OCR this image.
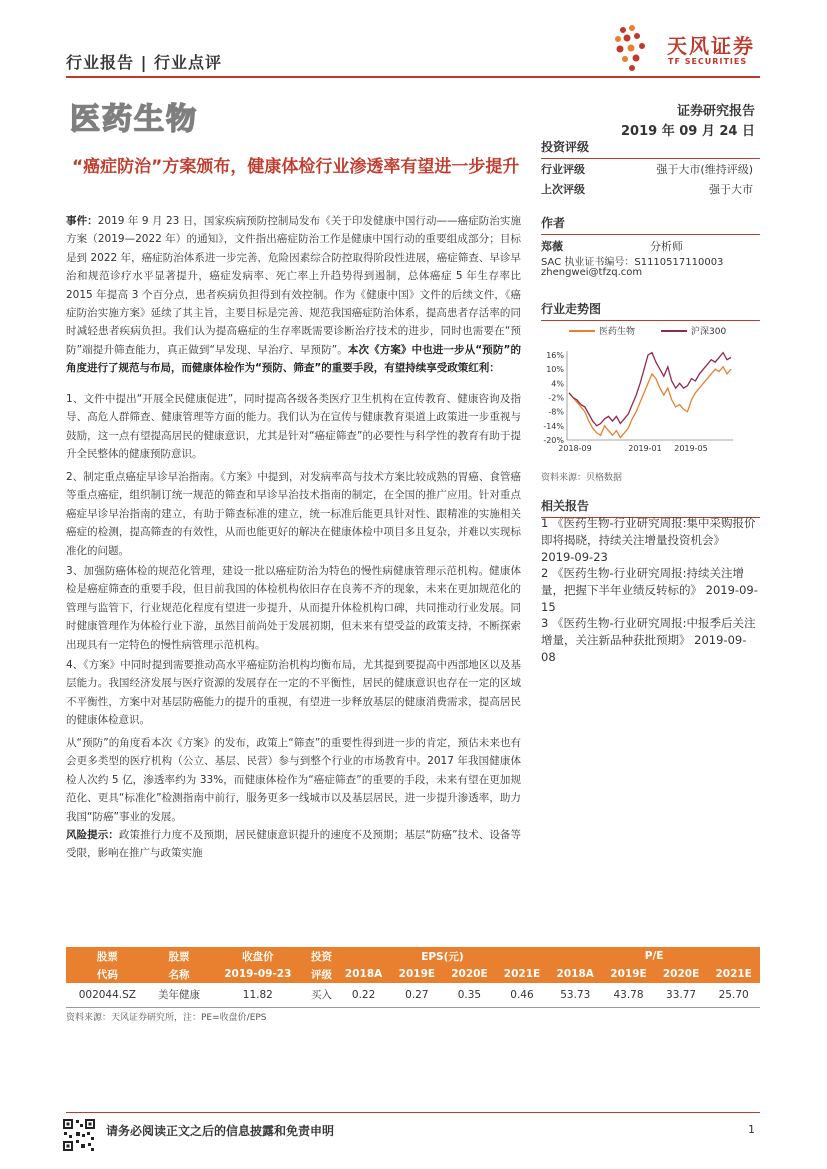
行业报告 | 行业点评
医药生物
天风证券
TF SECURITIES
证券研究报告
2019 年 09 月 24 日
“癌症防治”方案颁布，健康体检行业渗透率有望进一步提升
事件：2019 年 9 月 23 日，国家疾病预防控制局发布《关于印发健康中国行动——癌症防治实施方案（2019—2022 年）的通知》，文件指出癌症防治工作是健康中国行动的重要组成部分；目标是到 2022 年，癌症防治体系进一步完善，危险因素综合防控取得阶段性进展，癌症筛查、早诊早治和规范诊疗水平显著提升，癌症发病率、死亡率上升趋势得到遏制，总体癌症 5 年生存率比 2015 年提高 3 个百分点，患者疾病负担得到有效控制。作为《健康中国》文件的后续文件，《癌症防治实施方案》延续了其主旨，主要目标是完善、规范我国癌症防治体系，提高患者存活率的同时减轻患者疾病负担。我们认为提高癌症的生存率既需要诊断治疗技术的进步，同时也需要在“预防”端提升筛查能力，真正做到“早发现、早治疗、早预防”。本次《方案》中也进一步从“预防”的角度进行了规范与布局，而健康体检作为“预防、筛查”的重要手段，有望持续享受政策红利：
1、文件中提出“开展全民健康促进”，同时提高各级各类医疗卫生机构在宣传教育、健康咨询及指导、高危人群筛查、健康管理等方面的能力。我们认为在宣传与健康教育渠道上政策进一步重视与鼓励，这一点有望提高居民的健康意识，尤其是针对“癌症筛查”的必要性与科学性的教育有助于提升全民整体的健康预防意识。
2、制定重点癌症早诊早治指南。《方案》中提到，对发病率高与技术方案比较成熟的胃癌、食管癌等重点癌症，组织制订统一规范的筛查和早诊早治技术指南的制定，在全国的推广应用。针对重点癌症早诊早治指南的建立，有助于筛查标准的建立，统一标准后能更具针对性、跟精准的实施相关癌症的检测，提高筛查的有效性，从而也能更好的解决在健康体检中项目多且复杂，并难以实现标准化的问题。
3、加强防癌体检的规范化管理，建设一批以癌症防治为特色的慢性病健康管理示范机构。健康体检是癌症筛查的重要手段，但目前我国的体检机构依旧存在良莠不齐的现象，未来在更加规范化的管理与监管下，行业规范化程度有望进一步提升，从而提升体检机构口碑，共同推动行业发展。同时健康管理作为体检行业下游，虽然目前尚处于发展初期，但未来有望受益的政策支持，不断探索出现具有一定特色的慢性病管理示范机构。
4、《方案》中同时提到需要推动高水平癌症防治机构均衡布局，尤其提到要提高中西部地区以及基层能力。我国经济发展与医疗资源的发展存在一定的不平衡性，居民的健康意识也存在一定的区域不平衡性，方案中对基层防癌能力的提升的重视，有望进一步释放基层的健康消费需求，提高居民的健康体检意识。
从“预防”的角度看本次《方案》的发布，政策上“筛查”的重要性得到进一步的肯定，预估未来也有会更多类型的医疗机构（公立、基层、民营）参与到整个行业的市场教育中。2017 年我国健康体检人次约 5 亿，渗透率约为 33%，而健康体检作为“癌症筛查”的重要的手段，未来有望在更加规范化、更具“标准化”检测指南中前行，服务更多一线城市以及基层居民，进一步提升渗透率，助力我国“防癌”事业的发展。
风险提示：政策推行力度不及预期，居民健康意识提升的速度不及预期；基层“防癌”技术、设备等受限，影响在推广与政策实施
投资评级
行业评级	强于大市(维持评级)
上次评级	强于大市
作者
郑薇	分析师
SAC 执业证书编号：S1110517110003
zhengwei@tfzq.com
行业走势图
医药生物	沪深300
16%
10%
4%
-2%
-8%
-14%
-20%
2018-09	2019-01 2019-05
资料来源：贝格数据
相关报告
1 《医药生物-行业研究周报:集中采购报价即将揭晓，持续关注增量投资机会》 2019-09-23
2 《医药生物-行业研究周报:持续关注增量，把握下半年业绩反转标的》 2019-09-15
3 《医药生物-行业研究周报:中报季后关注增量，关注新品种获批预期》 2019-09-08
股票	股票	收盘价	投资	EPS(元)				P/E			
代码	名称	2019-09-23	评级	2018A	2019E	2020E	2021E	2018A	2019E	2020E	2021E
002044.SZ	美年健康	11.82	买入	0.22	0.27	0.35	0.46	53.73	43.78	33.77	25.70
资料来源：天风证券研究所，注：PE=收盘价/EPS
请务必阅读正文之后的信息披露和免责申明	1
